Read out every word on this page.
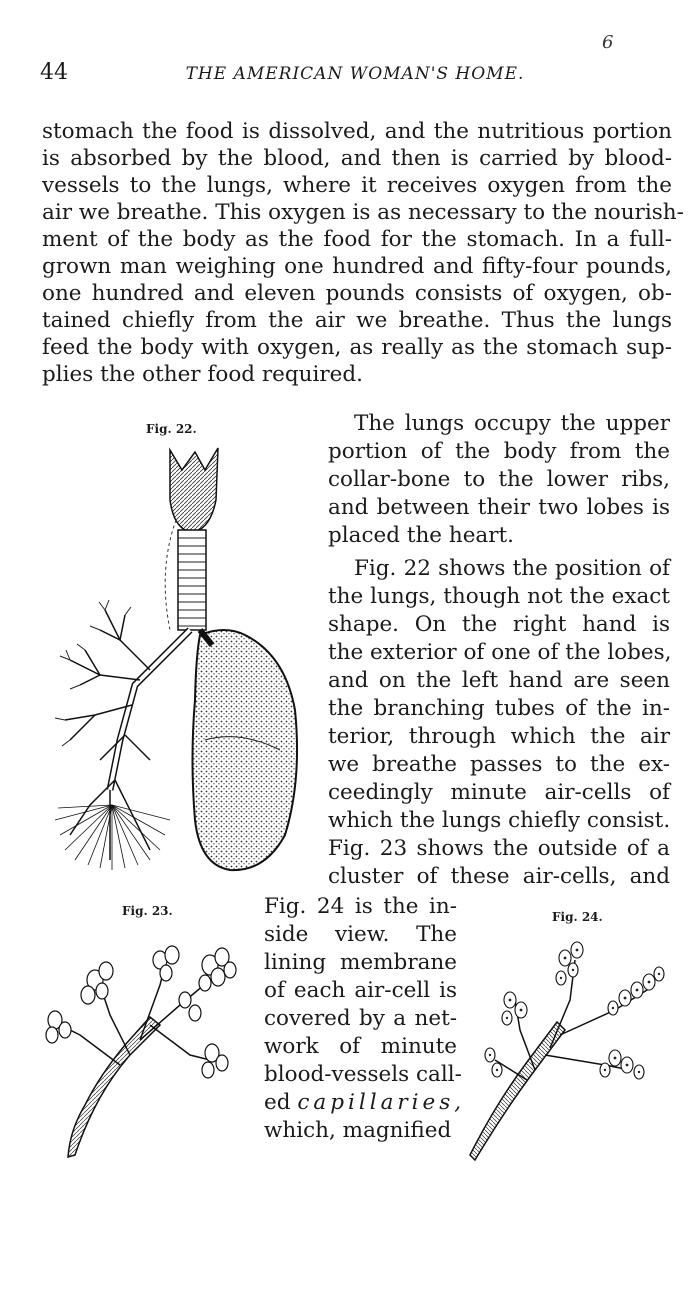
6
44	THE AMERICAN WOMAN'S HOME.
stomach the food is dissolved, and the nutritious portion
is absorbed by the blood, and then is carried by blood-
vessels to the lungs, where it receives oxygen from the
air we breathe. This oxygen is as necessary to the nourish-
ment of the body as the food for the stomach. In a full-
grown man weighing one hundred and fifty-four pounds,
one hundred and eleven pounds consists of oxygen, ob-
tained chiefly from the air we breathe. Thus the lungs
feed the body with oxygen, as really as the stomach sup-
plies the other food required.
The lungs occupy the upper
portion of the body from the
collar-bone to the lower ribs,
and between their two lobes is
placed the heart.
Fig. 22 shows the position of
the lungs, though not the exact
shape. On the right hand is
the exterior of one of the lobes,
and on the left hand are seen
the branching tubes of the in-
terior, through which the air
we breathe passes to the ex-
ceedingly minute air-cells of
which the lungs chiefly consist.
Fig. 23 shows the outside of a
cluster of these air-cells, and
Fig. 24 is the in-
side view. The
lining membrane
of each air-cell is
covered by a net-
work of minute
blood-vessels call-
ed capillaries,
which, magnified
Fig. 22.
Fig. 23.	Fig. 24.
